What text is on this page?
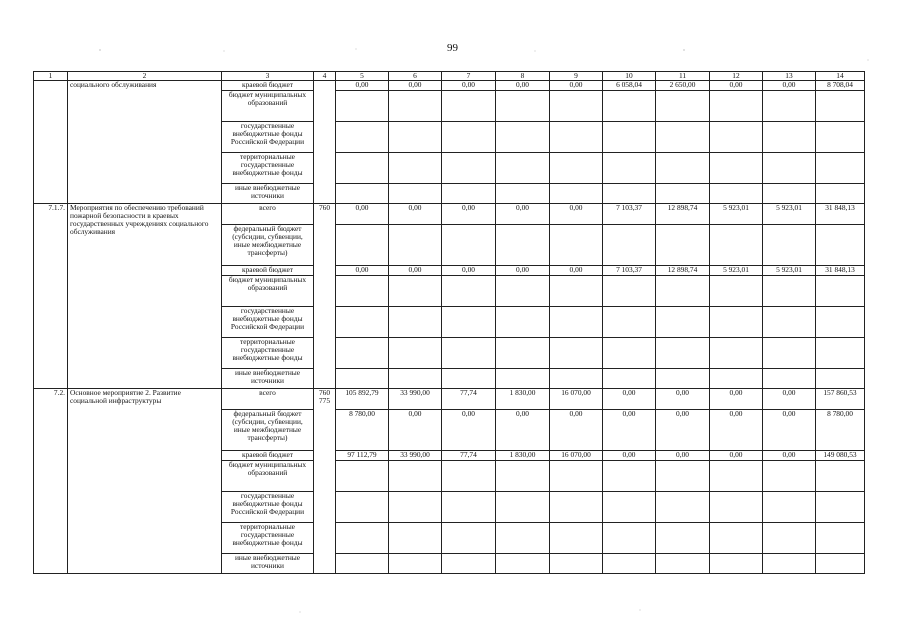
99
1	2	3	4	5	6	7	8	9	10	11	12	13	14
	социального обслуживания	краевой бюджет		0,00	0,00	0,00	0,00	0,00	6 058,04	2 650,00	0,00	0,00	8 708,04
		бюджет муниципальных образований											
		государственные внебюджетные фонды Российской Федерации											
		территориальные государственные внебюджетные фонды											
		иные внебюджетные источники											
7.1.7.	Мероприятия по обеспечению требований пожарной безопасности в краевых государственных учреждениях социального обслуживания	всего	760	0,00	0,00	0,00	0,00	0,00	7 103,37	12 898,74	5 923,01	5 923,01	31 848,13
		федеральный бюджет (субсидии, субвенции, иные межбюджетные трансферты)											
		краевой бюджет		0,00	0,00	0,00	0,00	0,00	7 103,37	12 898,74	5 923,01	5 923,01	31 848,13
		бюджет муниципальных образований											
		государственные внебюджетные фонды Российской Федерации											
		территориальные государственные внебюджетные фонды											
		иные внебюджетные источники											
7.2.	Основное мероприятие 2. Развитие социальной инфраструктуры	всего	760 775	105 892,79	33 990,00	77,74	1 830,00	16 070,00	0,00	0,00	0,00	0,00	157 860,53
		федеральный бюджет (субсидии, субвенции, иные межбюджетные трансферты)		8 780,00	0,00	0,00	0,00	0,00	0,00	0,00	0,00	0,00	8 780,00
		краевой бюджет		97 112,79	33 990,00	77,74	1 830,00	16 070,00	0,00	0,00	0,00	0,00	149 080,53
		бюджет муниципальных образований											
		государственные внебюджетные фонды Российской Федерации											
		территориальные государственные внебюджетные фонды											
		иные внебюджетные источники											
